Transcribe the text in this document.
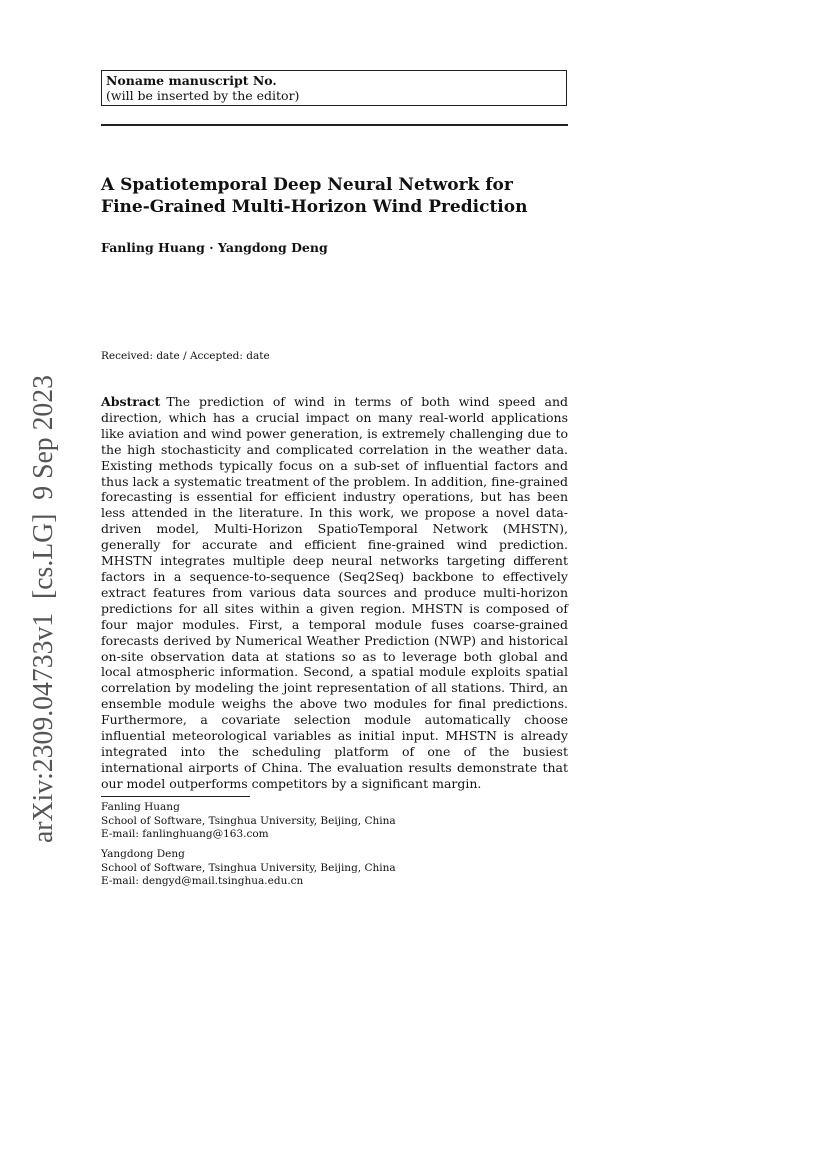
Noname manuscript No.
(will be inserted by the editor)
A Spatiotemporal Deep Neural Network for
Fine-Grained Multi-Horizon Wind Prediction
Fanling Huang · Yangdong Deng
Received: date / Accepted: date
Abstract The prediction of wind in terms of both wind speed and direction, which has a crucial impact on many real-world applications like aviation and wind power generation, is extremely challenging due to the high stochasticity and complicated correlation in the weather data. Existing methods typically focus on a sub-set of influential factors and thus lack a systematic treatment of the problem. In addition, fine-grained forecasting is essential for efficient industry operations, but has been less attended in the literature. In this work, we propose a novel data-driven model, Multi-Horizon SpatioTemporal Network (MHSTN), generally for accurate and efficient fine-grained wind prediction. MHSTN integrates multiple deep neural networks targeting different factors in a sequence-to-sequence (Seq2Seq) backbone to effectively extract features from various data sources and produce multi-horizon predictions for all sites within a given region. MHSTN is composed of four major modules. First, a temporal module fuses coarse-grained forecasts derived by Numerical Weather Prediction (NWP) and historical on-site observation data at stations so as to leverage both global and local atmospheric information. Second, a spatial module exploits spatial correlation by modeling the joint representation of all stations. Third, an ensemble module weighs the above two modules for final predictions. Furthermore, a covariate selection module automatically choose influential meteorological variables as initial input. MHSTN is already integrated into the scheduling platform of one of the busiest international airports of China. The evaluation results demonstrate that our model outperforms competitors by a significant margin.
Fanling Huang
School of Software, Tsinghua University, Beijing, China
E-mail: fanlinghuang@163.com
Yangdong Deng
School of Software, Tsinghua University, Beijing, China
E-mail: dengyd@mail.tsinghua.edu.cn
arXiv:2309.04733v1  [cs.LG]  9 Sep 2023
